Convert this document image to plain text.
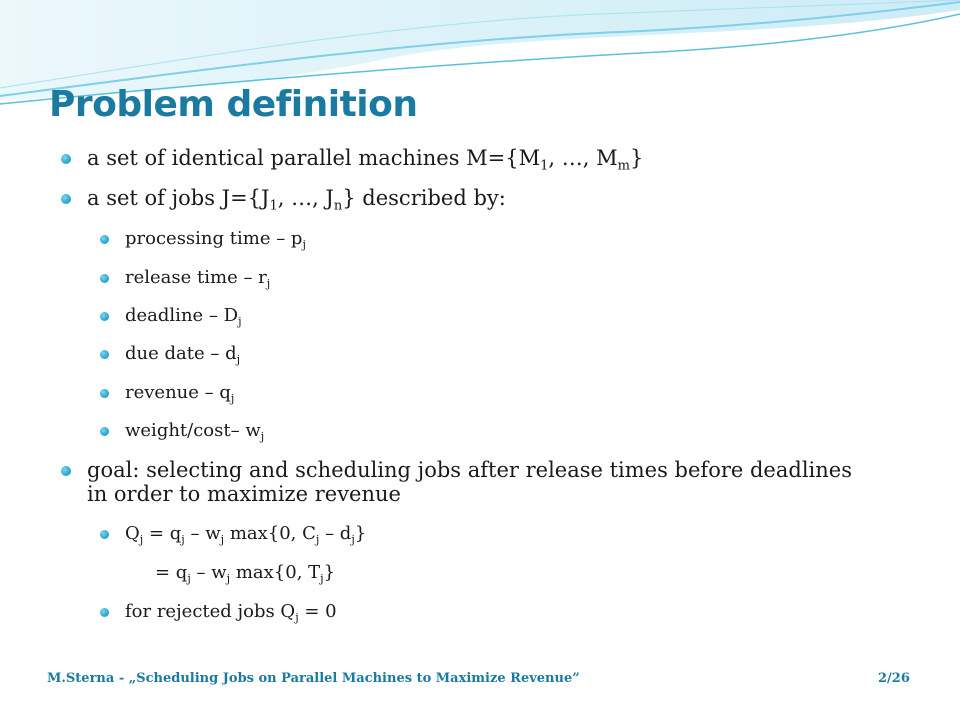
Problem definition
a set of identical parallel machines $M=\{M_1$, …, $M_m$}
a set of jobs $J=\{J_1$, …, $J_n$} described by:
processing time – $p_j$
release time – $r_j$
deadline – $D_j$
due date – $d_j$
revenue – $q_j$
weight/cost– $w_j$
goal: selecting and scheduling jobs after release times before deadlines
in order to maximize revenue
$Q_j = q_j - w_j$ max{0, $C_j - d_j$}
= $q_j - w_j$ max{0, $T_j$}
for rejected jobs $Q_j = 0$
M.Sterna - „Scheduling Jobs on Parallel Machines to Maximize Revenue”	2/26
